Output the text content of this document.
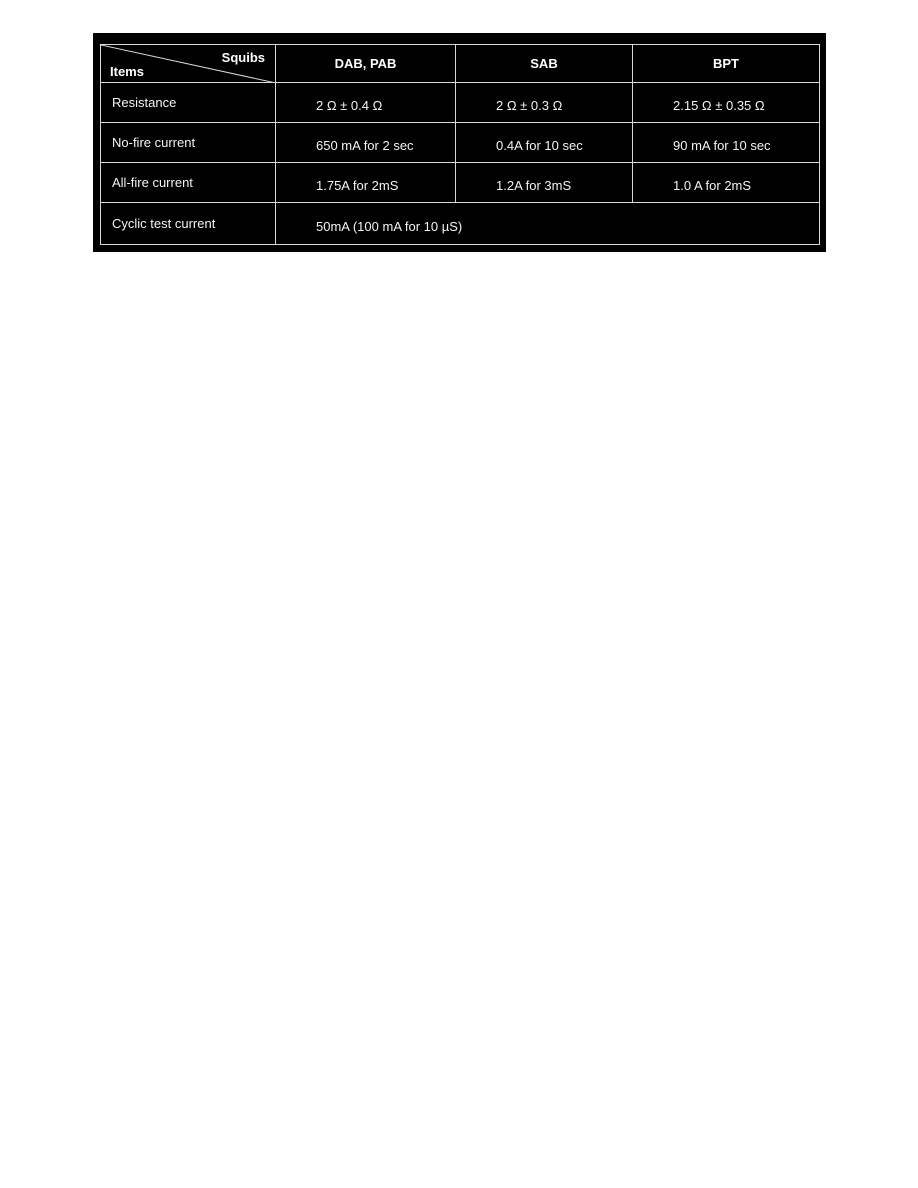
Squibs
Items	DAB, PAB	SAB	BPT
Resistance	2 Ω ± 0.4 Ω	2 Ω ± 0.3 Ω	2.15 Ω ± 0.35 Ω
No-fire current	650 mA for 2 sec	0.4A for 10 sec	90 mA for 10 sec
All-fire current	1.75A for 2mS	1.2A for 3mS	1.0 A for 2mS
Cyclic test current	50mA (100 mA for 10 µS)		
